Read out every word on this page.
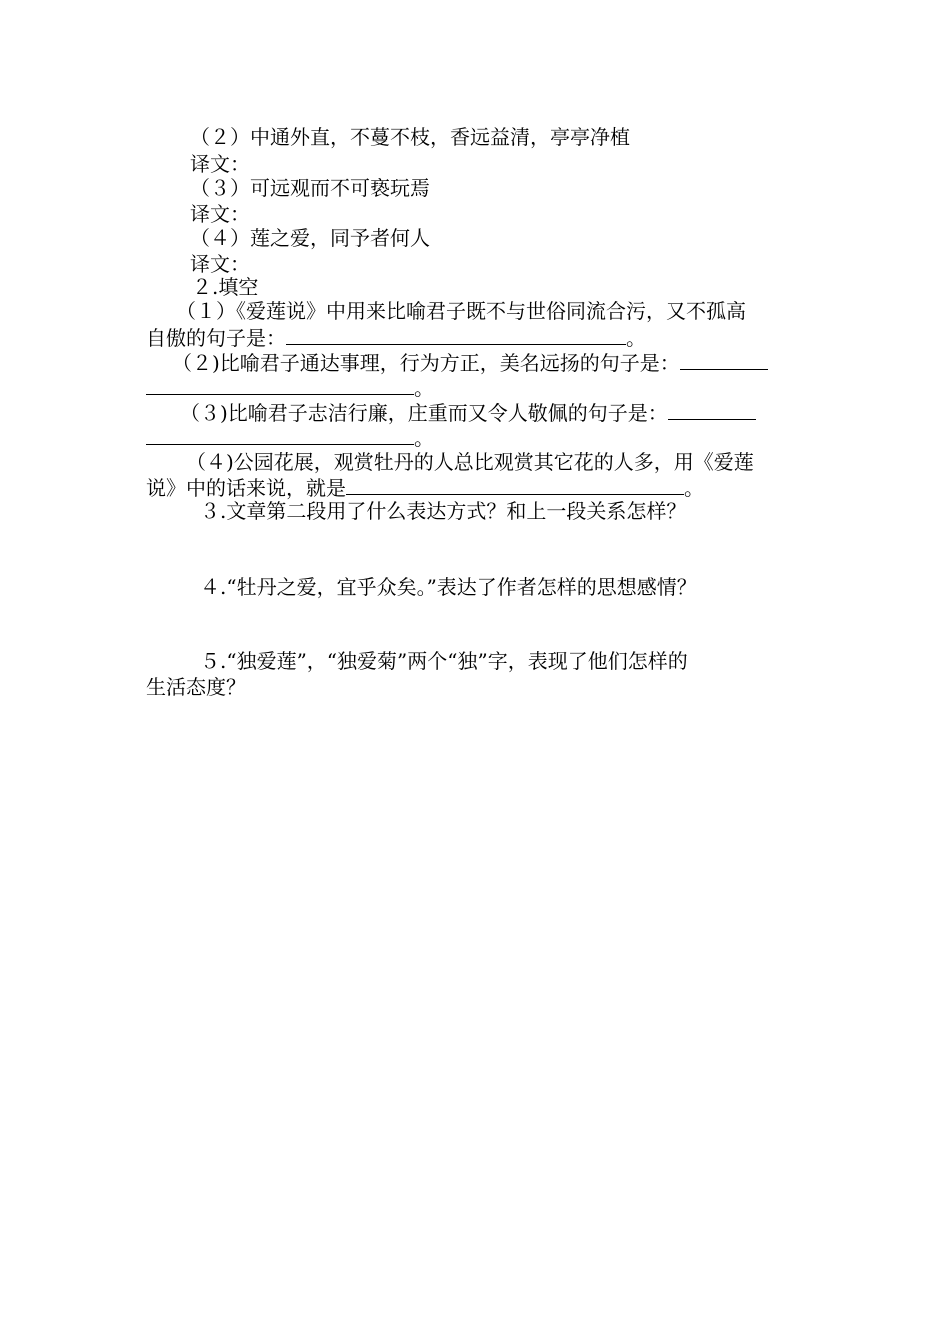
（２）中通外直，不蔓不枝，香远益清，亭亭净植
译文：
（３）可远观而不可亵玩焉
译文：
（４）莲之爱，同予者何人
译文：
２.填空
（１）《爱莲说》中用来比喻君子既不与世俗同流合污，又不孤高
自傲的句子是：	。
（２)比喻君子通达事理，行为方正，美名远扬的句子是：
。
（３)比喻君子志洁行廉，庄重而又令人敬佩的句子是：
。
（４)公园花展，观赏牡丹的人总比观赏其它花的人多，用《爱莲
说》中的话来说，就是	。
３.文章第二段用了什么表达方式？和上一段关系怎样？
４.“牡丹之爱，宜乎众矣。”表达了作者怎样的思想感情？
５.“独爱莲”，“独爱菊”两个“独”字，表现了他们怎样的
生活态度？
